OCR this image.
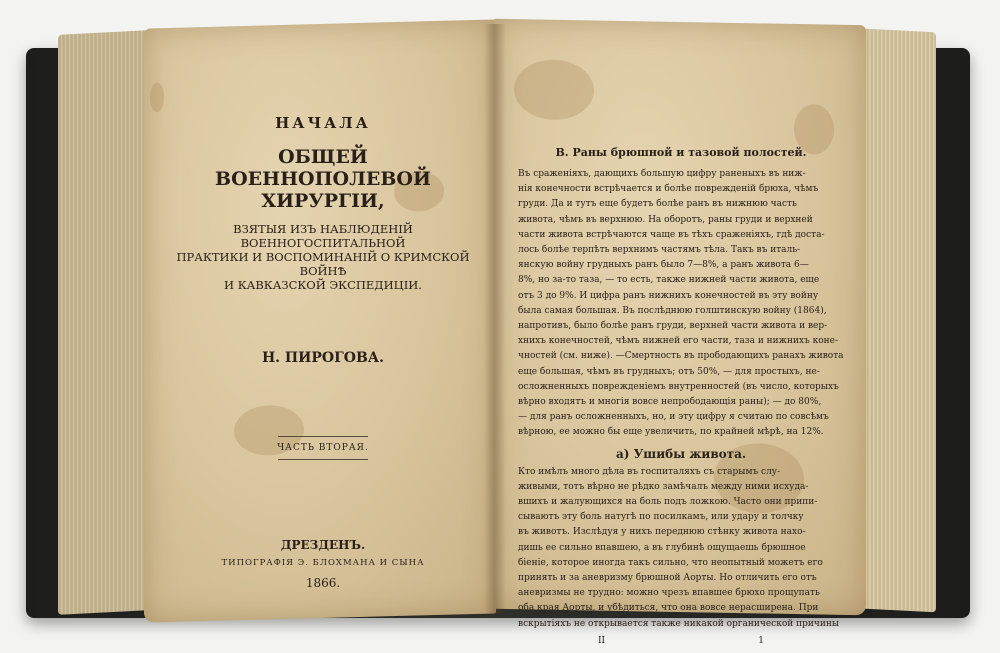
НАЧАЛА
ОБЩЕЙ ВОЕННОПОЛЕВОЙ ХИРУРГІИ,
ВЗЯТЫЯ ИЗЪ НАБЛЮДЕНІЙ ВОЕННОГОСПИТАЛЬНОЙ
ПРАКТИКИ И ВОСПОМИНАНІЙ О КРИМСКОЙ ВОЙНѢ
И КАВКАЗСКОЙ ЭКСПЕДИЦІИ.
Н. ПИРОГОВА.
ЧАСТЬ ВТОРАЯ.
ДРЕЗДЕНЪ.
ТИПОГРАФІЯ Э. БЛОХМАНА И СЫНА
1866.
В. Раны брюшной и тазовой полостей.
Въ сраженіяхъ, дающихъ большую цифру раненыхъ въ ниж-
нія конечности встрѣчается и болѣе поврежденій брюха, чѣмъ
груди. Да и тутъ еще будетъ болѣе ранъ въ нижнюю часть
живота, чѣмъ въ верхнюю. На оборотъ, раны груди и верхней
части живота встрѣчаются чаще въ тѣхъ сраженіяхъ, гдѣ доста-
лось болѣе терпѣть верхнимъ частямъ тѣла. Такъ въ италь-
янскую войну грудныхъ ранъ было 7—8%, а ранъ живота 6—
8%, но за-то таза, — то есть, также нижней части живота, еще
отъ 3 до 9%. И цифра ранъ нижнихъ конечностей въ эту войну
была самая большая. Въ послѣднюю голштинскую войну (1864),
напротивъ, было болѣе ранъ груди, верхней части живота и вер-
хнихъ конечностей, чѣмъ нижней его части, таза и нижнихъ коне-
чностей (см. ниже). —Смертность въ прободающихъ ранахъ живота
еще большая, чѣмъ въ грудныхъ; отъ 50%, — для простыхъ, не-
осложненныхъ поврежденіемъ внутренностей (въ число, которыхъ
вѣрно входятъ и многія вовсе непрободающія раны); — до 80%,
— для ранъ осложненныхъ, но, и эту цифру я считаю по совсѣмъ
вѣрною, ее можно бы еще увеличить, по крайней мѣрѣ, на 12%.
а) Ушибы живота.
Кто имѣлъ много дѣла въ госпиталяхъ съ старымъ слу-
живыми, тотъ вѣрно не рѣдко замѣчалъ между ними исхуда-
вшихъ и жалующихся на боль подъ ложкою. Часто они припи-
сываютъ эту боль натугѣ по посилкамъ, или удару и толчку
въ животъ. Изслѣдуя у нихъ переднюю стѣнку живота нахо-
дишь ее сильно впавшею, а въ глубинѣ ощущаешь брюшное
біеніе, которое иногда такъ сильно, что неопытный можетъ его
принять и за аневризму брюшной Аорты. Но отличить его отъ
аневризмы не трудно: можно чрезъ впавшее брюхо прощупать
оба края Аорты, и убѣдиться, что она вовсе нерасширена. При
вскрытіяхъ не открывается также никакой органической причины
II	1
